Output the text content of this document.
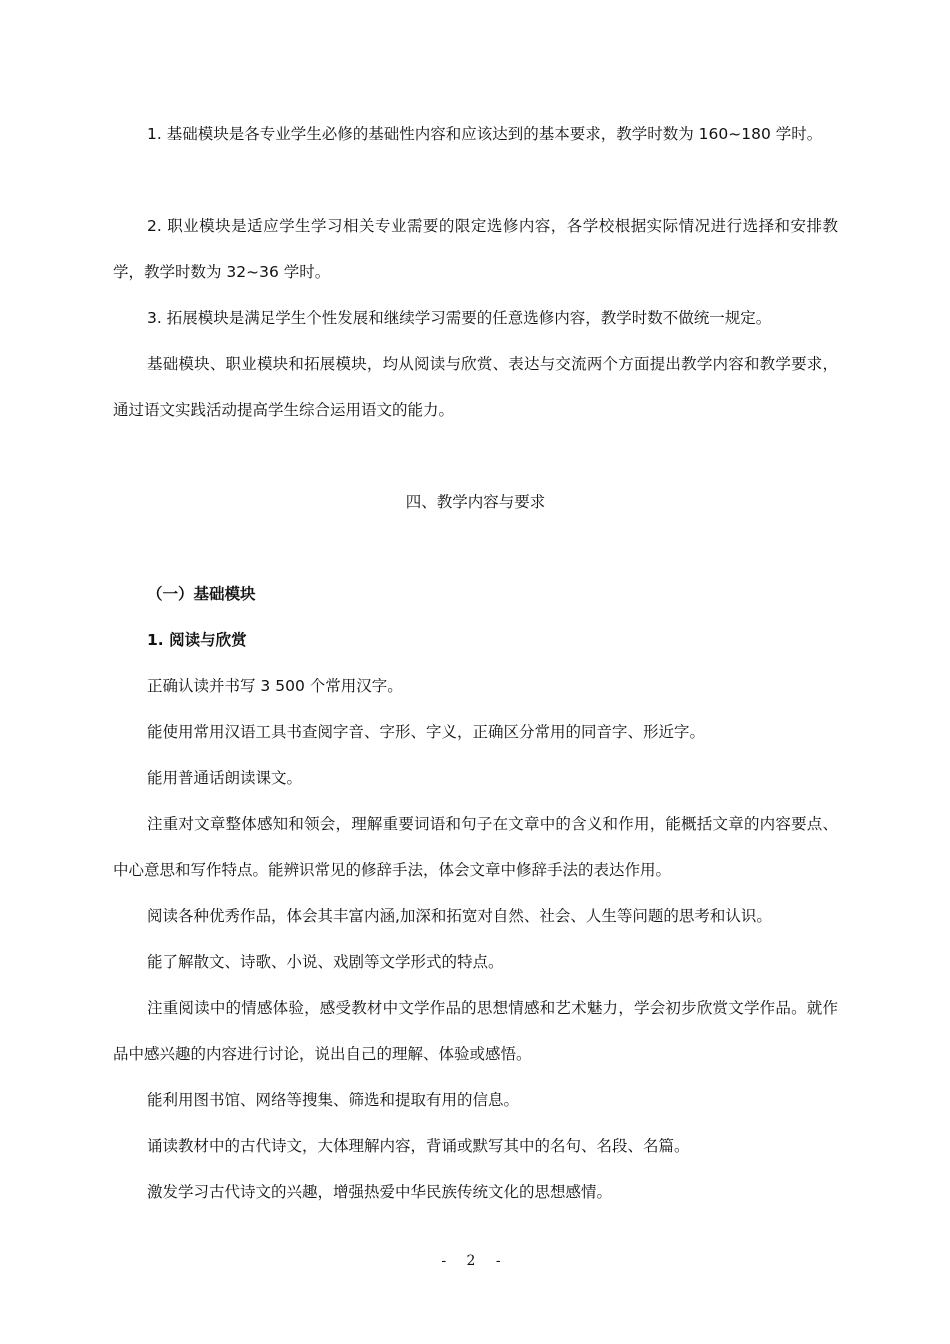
1. 基础模块是各专业学生必修的基础性内容和应该达到的基本要求，教学时数为 160~180 学时。

2. 职业模块是适应学生学习相关专业需要的限定选修内容，各学校根据实际情况进行选择和安排教学，教学时数为 32~36 学时。

3. 拓展模块是满足学生个性发展和继续学习需要的任意选修内容，教学时数不做统一规定。

基础模块、职业模块和拓展模块，均从阅读与欣赏、表达与交流两个方面提出教学内容和教学要求，通过语文实践活动提高学生综合运用语文的能力。

四、教学内容与要求

（一）基础模块

1. 阅读与欣赏

正确认读并书写 3 500 个常用汉字。

能使用常用汉语工具书查阅字音、字形、字义，正确区分常用的同音字、形近字。

能用普通话朗读课文。

注重对文章整体感知和领会，理解重要词语和句子在文章中的含义和作用，能概括文章的内容要点、中心意思和写作特点。能辨识常见的修辞手法，体会文章中修辞手法的表达作用。

阅读各种优秀作品，体会其丰富内涵,加深和拓宽对自然、社会、人生等问题的思考和认识。

能了解散文、诗歌、小说、戏剧等文学形式的特点。

注重阅读中的情感体验，感受教材中文学作品的思想情感和艺术魅力，学会初步欣赏文学作品。就作品中感兴趣的内容进行讨论，说出自己的理解、体验或感悟。

能利用图书馆、网络等搜集、筛选和提取有用的信息。

诵读教材中的古代诗文，大体理解内容，背诵或默写其中的名句、名段、名篇。

激发学习古代诗文的兴趣，增强热爱中华民族传统文化的思想感情。

- 2 -
